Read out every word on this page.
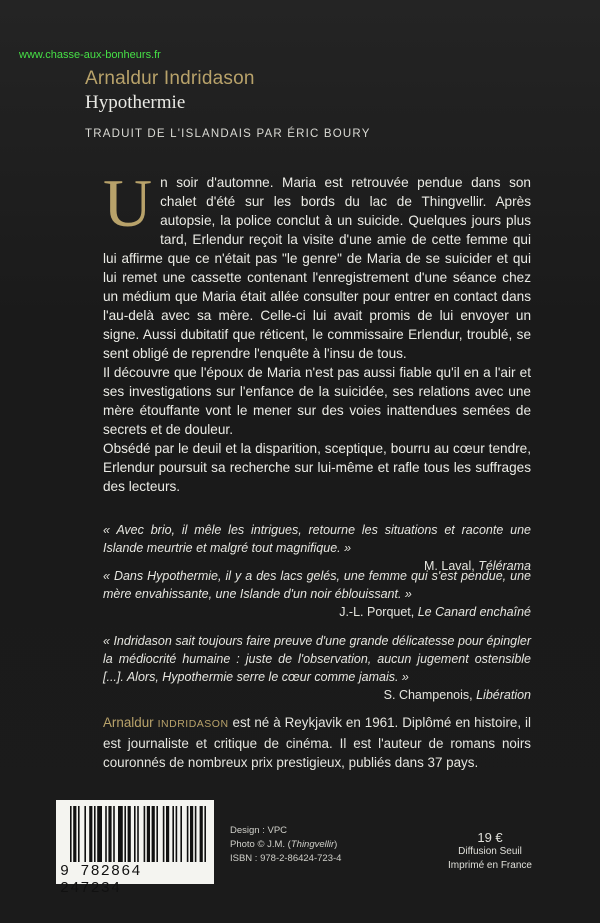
www.chasse-aux-bonheurs.fr
Arnaldur Indridason
Hypothermie
TRADUIT DE L'ISLANDAIS PAR ÉRIC BOURY

Un soir d'automne. Maria est retrouvée pendue dans son chalet d'été sur les bords du lac de Thingvellir. Après autopsie, la police conclut à un suicide. Quelques jours plus tard, Erlendur reçoit la visite d'une amie de cette femme qui lui affirme que ce n'était pas "le genre" de Maria de se suicider et qui lui remet une cassette contenant l'enregistrement d'une séance chez un médium que Maria était allée consulter pour entrer en contact dans l'au-delà avec sa mère. Celle-ci lui avait promis de lui envoyer un signe. Aussi dubitatif que réticent, le commissaire Erlendur, troublé, se sent obligé de reprendre l'enquête à l'insu de tous.

Il découvre que l'époux de Maria n'est pas aussi fiable qu'il en a l'air et ses investigations sur l'enfance de la suicidée, ses relations avec une mère étouffante vont le mener sur des voies inattendues semées de secrets et de douleur.

Obsédé par le deuil et la disparition, sceptique, bourru au cœur tendre, Erlendur poursuit sa recherche sur lui-même et rafle tous les suffrages des lecteurs.

« Avec brio, il mêle les intrigues, retourne les situations et raconte une Islande meurtrie et malgré tout magnifique. »
M. Laval, Télérama
« Dans Hypothermie, il y a des lacs gelés, une femme qui s'est pendue, une mère envahissante, une Islande d'un noir éblouissant. »
J.-L. Porquet, Le Canard enchaîné
« Indridason sait toujours faire preuve d'une grande délicatesse pour épingler la médiocrité humaine : juste de l'observation, aucun jugement ostensible [...]. Alors, Hypothermie serre le cœur comme jamais. »
S. Champenois, Libération
Arnaldur INDRIDASON est né à Reykjavik en 1961. Diplômé en histoire, il est journaliste et critique de cinéma. Il est l'auteur de romans noirs couronnés de nombreux prix prestigieux, publiés dans 37 pays.
9 782864 247234
Design : VPC
Photo © J.M. (Thingvellir)
ISBN : 978-2-86424-723-4
19 €
Diffusion Seuil
Imprimé en France
